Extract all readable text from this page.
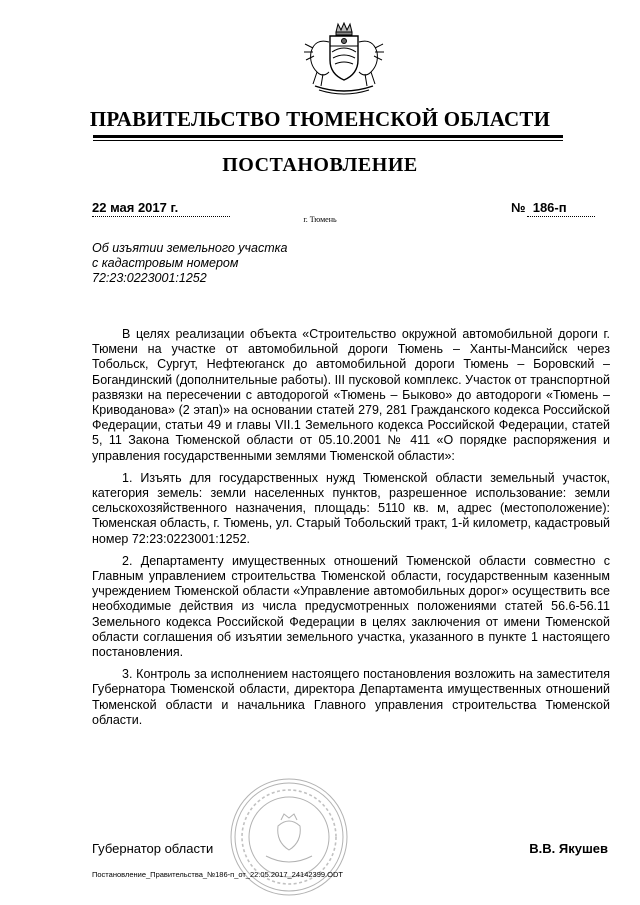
ПРАВИТЕЛЬСТВО ТЮМЕНСКОЙ ОБЛАСТИ
ПОСТАНОВЛЕНИЕ
22 мая 2017 г.
г. Тюмень
№  186-п
Об изъятии земельного участка
с кадастровым номером
72:23:0223001:1252

В целях реализации объекта «Строительство окружной автомобильной дороги г. Тюмени на участке от автомобильной дороги Тюмень – Ханты-Мансийск через Тобольск, Сургут, Нефтеюганск до автомобильной дороги Тюмень – Боровский – Богандинский (дополнительные работы). III пусковой комплекс. Участок от транспортной развязки на пересечении с автодорогой «Тюмень – Быково» до автодороги «Тюмень – Криводанова» (2 этап)» на основании статей 279, 281 Гражданского кодекса Российской Федерации, статьи 49 и главы VII.1 Земельного кодекса Российской Федерации, статей 5, 11 Закона Тюменской области от 05.10.2001 № 411 «О порядке распоряжения и управления государственными землями Тюменской области»:

1. Изъять для государственных нужд Тюменской области земельный участок, категория земель: земли населенных пунктов, разрешенное использование: земли сельскохозяйственного назначения, площадь: 5110 кв. м, адрес (местоположение): Тюменская область, г. Тюмень, ул. Старый Тобольский тракт, 1-й километр, кадастровый номер 72:23:0223001:1252.

2. Департаменту имущественных отношений Тюменской области совместно с Главным управлением строительства Тюменской области, государственным казенным учреждением Тюменской области «Управление автомобильных дорог» осуществить все необходимые действия из числа предусмотренных положениями статей 56.6-56.11 Земельного кодекса Российской Федерации в целях заключения от имени Тюменской области соглашения об изъятии земельного участка, указанного в пункте 1 настоящего постановления.

3. Контроль за исполнением настоящего постановления возложить на заместителя Губернатора Тюменской области, директора Департамента имущественных отношений Тюменской области и начальника Главного управления строительства Тюменской области.

Губернатор области	В.В. Якушев
Постановление_Правительства_№186-п_от_22.05.2017_24142399.ODT
